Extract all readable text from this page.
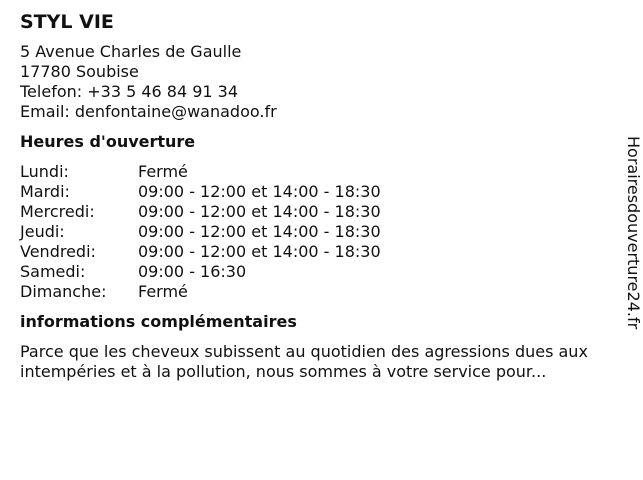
STYL VIE
5 Avenue Charles de Gaulle
17780 Soubise
Telefon: +33 5 46 84 91 34
Email: denfontaine@wanadoo.fr
Heures d'ouverture
Lundi:	Fermé
Mardi:	09:00 - 12:00 et 14:00 - 18:30
Mercredi:	09:00 - 12:00 et 14:00 - 18:30
Jeudi:	09:00 - 12:00 et 14:00 - 18:30
Vendredi:	09:00 - 12:00 et 14:00 - 18:30
Samedi:	09:00 - 16:30
Dimanche:	Fermé
informations complémentaires
Parce que les cheveux subissent au quotidien des agressions dues aux intempéries et à la pollution, nous sommes à votre service pour...
Horairesdouverture24.fr
